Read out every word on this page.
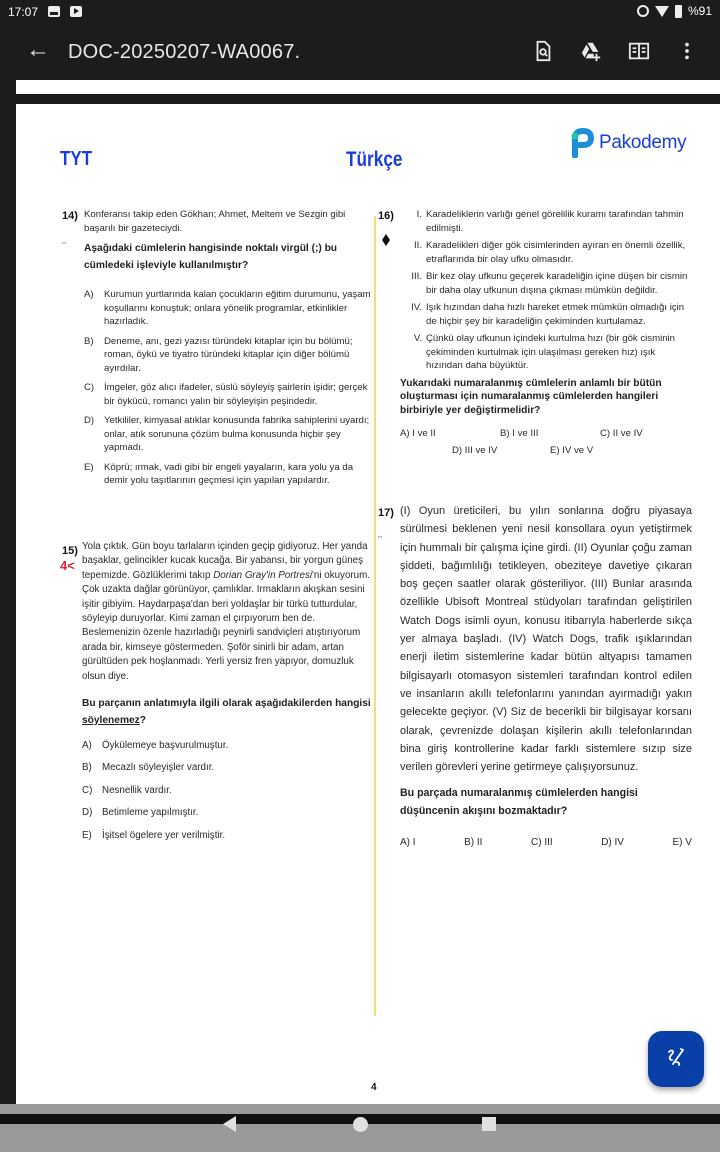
17:07	%91
← DOC-20250207-WA0067.
TYT	Türkçe
Pakodemy
14) Konferansı takip eden Gökhan; Ahmet, Meltem ve Sezgin gibi başarılı bir gazeteciydi.

Aşağıdaki cümlelerin hangisinde noktalı virgül (;) bu cümledeki işleviyle kullanılmıştır?

A)	Kurumun yurtlarında kalan çocukların eğitim durumunu, yaşam koşullarını konuştuk; onlara yönelik programlar, etkinlikler hazırladık.
B)	Deneme, anı, gezi yazısı türündeki kitaplar için bu bölümü; roman, öykü ve tiyatro türündeki kitaplar için diğer bölümü ayırdılar.
C)	İmgeler, göz alıcı ifadeler, süslü söyleyiş şairlerin işidir; gerçek bir öykücü, romancı yalın bir söyleyişin peşindedir.
D)	Yetkililer, kimyasal atıklar konusunda fabrika sahiplerini uyardı; onlar, atık sorununa çözüm bulma konusunda hiçbir şey yapmadı.
E)	Köprü; ırmak, vadi gibi bir engeli yayaların, kara yolu ya da demir yolu taşıtlarının geçmesi için yapılan yapılardır.
▪▪▪
4<
15) Yola çıktık. Gün boyu tarlaların içinden geçip gidiyoruz. Her yanda başaklar, gelincikler kucak kucağa. Bir yabansı, bir yorgun güneş tepemizde. Gözlüklerimi takıp Dorian Gray'in Portresi'ni okuyorum. Çok uzakta dağlar görünüyor, çamlıklar. Irmakların akışkan sesini işitir gibiyim. Haydarpaşa'dan beri yoldaşlar bir türkü tutturdular, söyleyip duruyorlar. Kimi zaman el çırpıyorum ben de. Beslemenizin özenle hazırladığı peynirli sandviçleri atıştırıyorum arada bir, kimseye göstermeden. Şoför sinirli bir adam, artan gürültüden pek hoşlanmadı. Yerli yersiz fren yapıyor, domuzluk olsun diye.

Bu parçanın anlatımıyla ilgili olarak aşağıdakilerden hangisi söylenemez?

A)	Öykülemeye başvurulmuştur.
B)	Mecazlı söyleyişler vardır.
C) Nesnellik vardır.
D) Betimleme yapılmıştır.
E)	İşitsel ögelere yer verilmiştir.
16)	I. Karadeliklerin varlığı genel görelilik kuramı tarafından tahmin edilmişti.
II. Karadelikleri diğer gök cisimlerinden ayıran en önemli özellik, etraflarında bir olay ufku olmasıdır.
III. Bir kez olay ufkunu geçerek karadeliğin içine düşen bir cismin bir daha olay ufkunun dışına çıkması mümkün değildir.
IV. Işık hızından daha hızlı hareket etmek mümkün olmadığı için de hiçbir şey bir karadeliğin çekiminden kurtulamaz.
V. Çünkü olay ufkunun içindeki kurtulma hızı (bir gök cisminin çekiminden kurtulmak için ulaşılması gereken hız) ışık hızından daha büyüktür.

Yukarıdaki numaralanmış cümlelerin anlamlı bir bütün oluşturması için numaralanmış cümlelerden hangileri birbiriyle yer değiştirmelidir?

A) I ve II	B) I ve III	C) II ve IV
D) III ve IV	E) IV ve V
▪▪▪
17) (I) Oyun üreticileri, bu yılın sonlarına doğru piyasaya sürülmesi beklenen yeni nesil konsollara oyun yetiştirmek için hummalı bir çalışma içine girdi. (II) Oyunlar çoğu zaman şiddeti, bağımlılığı tetikleyen, obeziteye davetiye çıkaran boş geçen saatler olarak gösteriliyor. (III) Bunlar arasında özellikle Ubisoft Montreal stüdyoları tarafından geliştirilen Watch Dogs isimli oyun, konusu itibarıyla haberlerde sıkça yer almaya başladı. (IV) Watch Dogs, trafik ışıklarından enerji iletim sistemlerine kadar bütün altyapısı tamamen bilgisayarlı otomasyon sistemleri tarafından kontrol edilen ve insanların akıllı telefonlarını yanından ayırmadığı yakın gelecekte geçiyor. (V) Siz de becerikli bir bilgisayar korsanı olarak, çevrenizde dolaşan kişilerin akıllı telefonlarından bina giriş kontrollerine kadar farklı sistemlere sızıp size verilen görevleri yerine getirmeye çalışıyorsunuz.

Bu parçada numaralanmış cümlelerden hangisi düşüncenin akışını bozmaktadır?

A) I	B) II	C) III	D) IV	E) V
4
